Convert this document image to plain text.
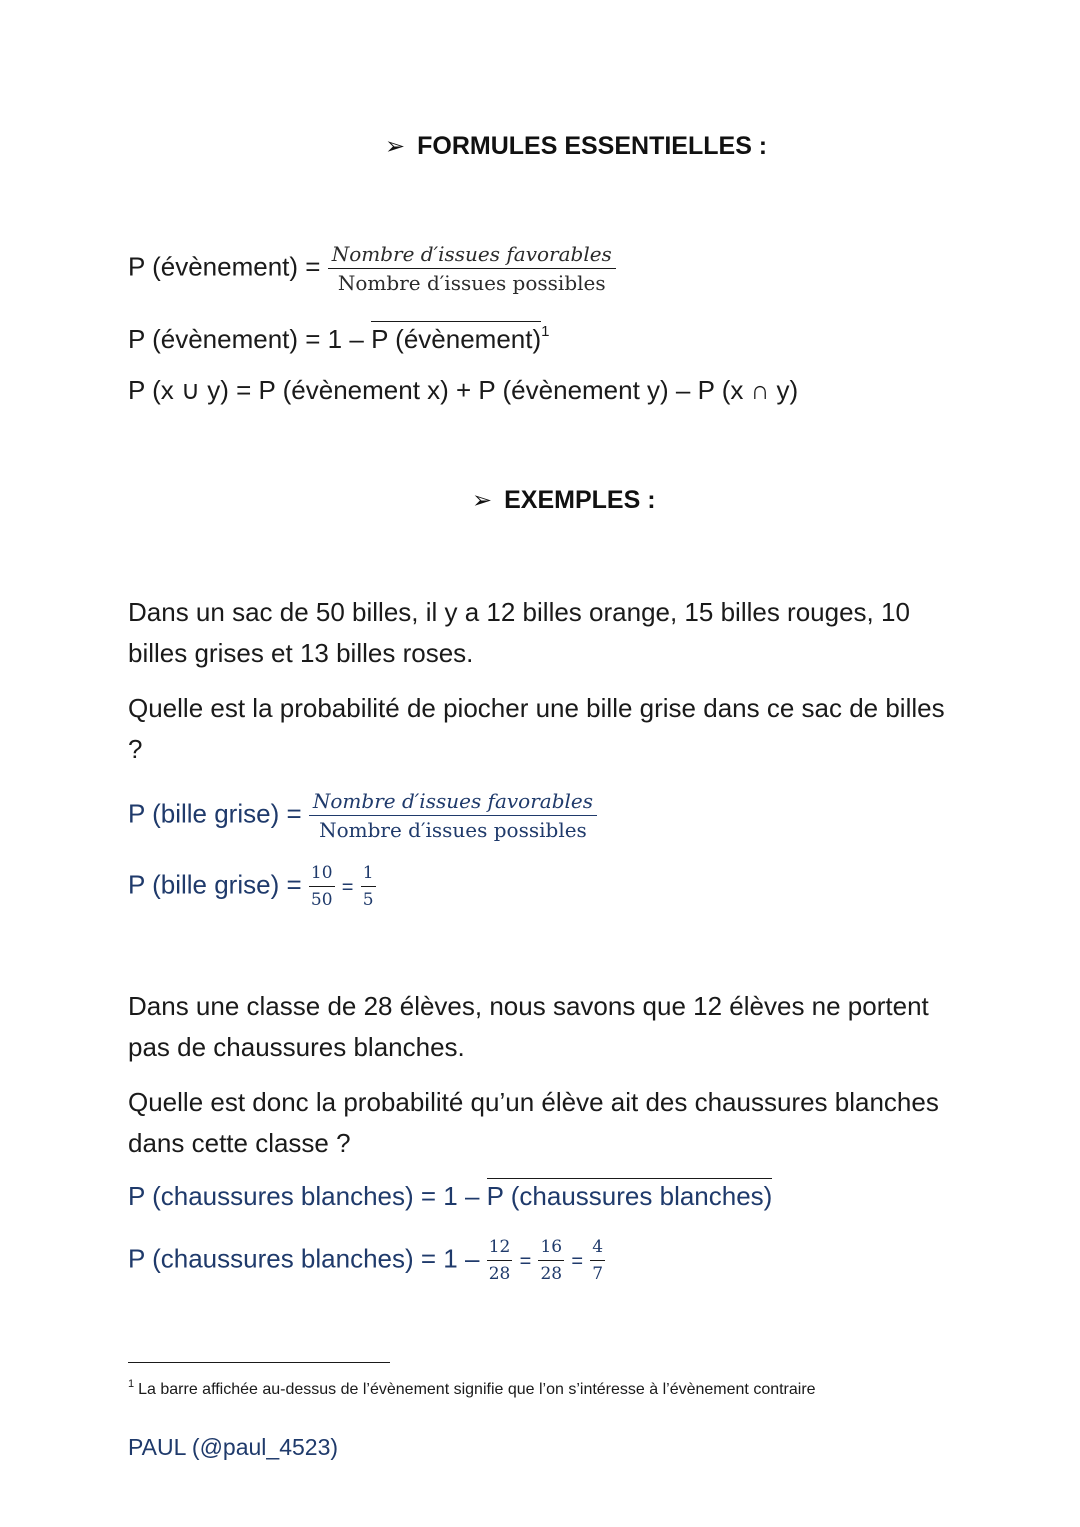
➢ FORMULES ESSENTIELLES :
P (évènement) = $\frac{\text{Nombre d′issues favorables}}{\text{Nombre d′issues possibles}}$
P (évènement) = 1 – P (évènement)$^1$
P (x ∪ y) = P (évènement x) + P (évènement y) – P (x ∩ y)
➢ EXEMPLES :
Dans un sac de 50 billes, il y a 12 billes orange, 15 billes rouges, 10 billes grises et 13 billes roses.
Quelle est la probabilité de piocher une bille grise dans ce sac de billes ?
P (bille grise) = $\frac{\text{Nombre d′issues favorables}}{\text{Nombre d′issues possibles}}$
P (bille grise) = $\frac{10}{50} = \frac{1}{5}$
Dans une classe de 28 élèves, nous savons que 12 élèves ne portent pas de chaussures blanches.
Quelle est donc la probabilité qu’un élève ait des chaussures blanches dans cette classe ?
P (chaussures blanches) = 1 – P (chaussures blanches)
P (chaussures blanches) = $1 - \frac{12}{28} = \frac{16}{28} = \frac{4}{7}$
$^1$ La barre affichée au-dessus de l’évènement signifie que l’on s’intéresse à l’évènement contraire
PAUL (@paul_4523)
